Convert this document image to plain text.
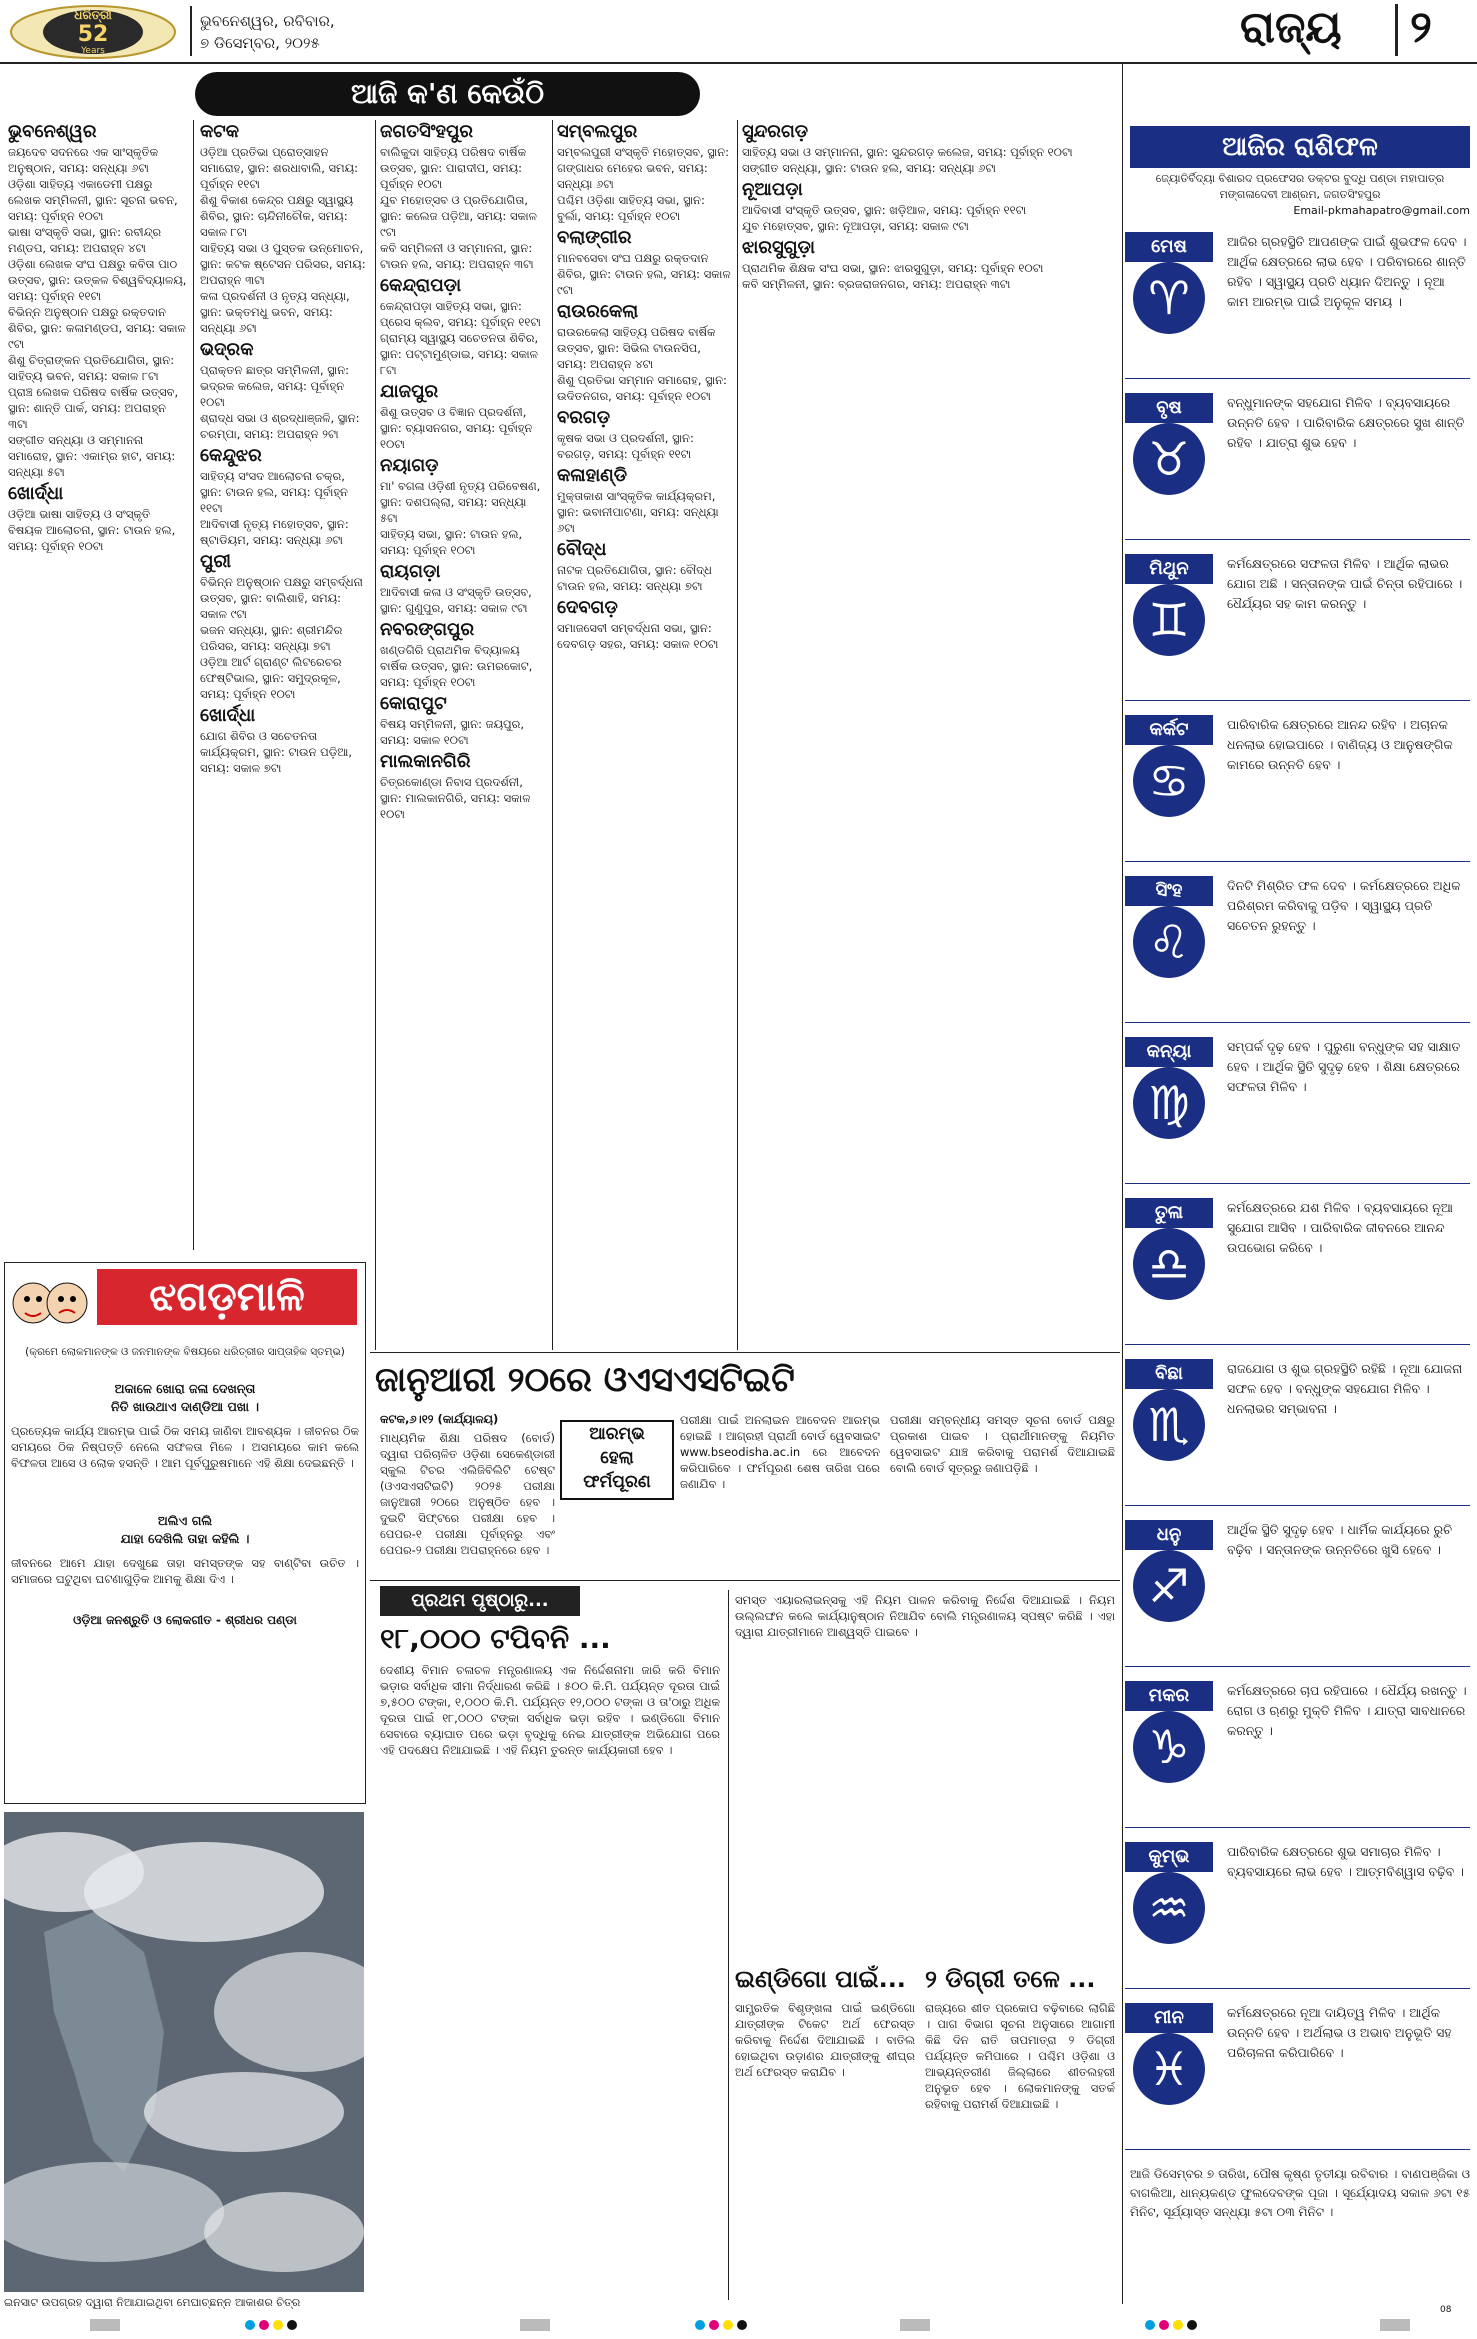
ଧରିତ୍ରୀ
52
Years
ଭୁବନେଶ୍ୱର, ରବିବାର,
୭ ଡିସେମ୍ବର, ୨୦୨୫	ରାଜ୍ୟ ୨
ଆଜି କ'ଣ କେଉଁଠି
ଭୁବନେଶ୍ୱର

ଜୟଦେବ ସଦନରେ ଏକ ସାଂସ୍କୃତିକ ଅନୁଷ୍ଠାନ, ସମୟ: ସନ୍ଧ୍ୟା ୬ଟା

ଓଡ଼ିଶା ସାହିତ୍ୟ ଏକାଡେମୀ ପକ୍ଷରୁ ଲେଖକ ସମ୍ମିଳନୀ, ସ୍ଥାନ: ସୂଚନା ଭବନ, ସମୟ: ପୂର୍ବାହ୍ନ ୧୦ଟା

ଭାଷା ସଂସ୍କୃତି ସଭା, ସ୍ଥାନ: ରବୀନ୍ଦ୍ର ମଣ୍ଡପ, ସମୟ: ଅପରାହ୍ନ ୪ଟା

ଓଡ଼ିଶା ଲେଖକ ସଂଘ ପକ୍ଷରୁ କବିତା ପାଠ ଉତ୍ସବ, ସ୍ଥାନ: ଉତ୍କଳ ବିଶ୍ୱବିଦ୍ୟାଳୟ, ସମୟ: ପୂର୍ବାହ୍ନ ୧୧ଟା

ବିଭିନ୍ନ ଅନୁଷ୍ଠାନ ପକ୍ଷରୁ ରକ୍ତଦାନ ଶିବିର, ସ୍ଥାନ: କଳାମଣ୍ଡପ, ସମୟ: ସକାଳ ୯ଟା

ଶିଶୁ ଚିତ୍ରାଙ୍କନ ପ୍ରତିଯୋଗିତା, ସ୍ଥାନ: ସାହିତ୍ୟ ଭବନ, ସମୟ: ସକାଳ ୮ଟା

ପ୍ରାଞ୍ଚ ଲେଖକ ପରିଷଦ ବାର୍ଷିକ ଉତ୍ସବ, ସ୍ଥାନ: ଶାନ୍ତି ପାର୍କ, ସମୟ: ଅପରାହ୍ନ ୩ଟା

ସଙ୍ଗୀତ ସନ୍ଧ୍ୟା ଓ ସମ୍ମାନନା ସମାରୋହ, ସ୍ଥାନ: ଏକାମ୍ର ହାଟ, ସମୟ: ସନ୍ଧ୍ୟା ୫ଟା

ଖୋର୍ଦ୍ଧା

ଓଡ଼ିଆ ଭାଷା ସାହିତ୍ୟ ଓ ସଂସ୍କୃତି ବିଷୟକ ଆଲୋଚନା, ସ୍ଥାନ: ଟାଉନ ହଲ, ସମୟ: ପୂର୍ବାହ୍ନ ୧୦ଟା

କଟକ

ଓଡ଼ିଆ ପ୍ରତିଭା ପ୍ରୋତ୍ସାହନ ସମାରୋହ, ସ୍ଥାନ: ଶରଧାବାଲି, ସମୟ: ପୂର୍ବାହ୍ନ ୧୧ଟା

ଶିଶୁ ବିକାଶ କେନ୍ଦ୍ର ପକ୍ଷରୁ ସ୍ୱାସ୍ଥ୍ୟ ଶିବିର, ସ୍ଥାନ: ଚାନ୍ଦିନୀଚୌକ, ସମୟ: ସକାଳ ୮ଟା

ସାହିତ୍ୟ ସଭା ଓ ପୁସ୍ତକ ଉନ୍ମୋଚନ, ସ୍ଥାନ: କଟକ ଷ୍ଟେସନ ପରିସର, ସମୟ: ଅପରାହ୍ନ ୩ଟା

କଳା ପ୍ରଦର୍ଶନୀ ଓ ନୃତ୍ୟ ସନ୍ଧ୍ୟା, ସ୍ଥାନ: ଭକ୍ତମଧୁ ଭବନ, ସମୟ: ସନ୍ଧ୍ୟା ୬ଟା

ଭଦ୍ରକ

ପ୍ରାକ୍ତନ ଛାତ୍ର ସମ୍ମିଳନୀ, ସ୍ଥାନ: ଭଦ୍ରକ କଲେଜ, ସମୟ: ପୂର୍ବାହ୍ନ ୧୦ଟା

ଶ୍ରାଦ୍ଧ ସଭା ଓ ଶ୍ରଦ୍ଧାଞ୍ଜଳି, ସ୍ଥାନ: ଚରମ୍ପା, ସମୟ: ଅପରାହ୍ନ ୨ଟା

କେନ୍ଦୁଝର

ସାହିତ୍ୟ ସଂସଦ ଆଲୋଚନା ଚକ୍ର, ସ୍ଥାନ: ଟାଉନ ହଲ, ସମୟ: ପୂର୍ବାହ୍ନ ୧୧ଟା

ଆଦିବାସୀ ନୃତ୍ୟ ମହୋତ୍ସବ, ସ୍ଥାନ: ଷ୍ଟାଡିୟମ, ସମୟ: ସନ୍ଧ୍ୟା ୬ଟା

ପୁରୀ

ବିଭିନ୍ନ ଅନୁଷ୍ଠାନ ପକ୍ଷରୁ ସମ୍ବର୍ଦ୍ଧନା ଉତ୍ସବ, ସ୍ଥାନ: ବାଲିଶାହି, ସମୟ: ସକାଳ ୯ଟା

ଭଜନ ସନ୍ଧ୍ୟା, ସ୍ଥାନ: ଶ୍ରୀମନ୍ଦିର ପରିସର, ସମୟ: ସନ୍ଧ୍ୟା ୭ଟା

ଓଡ଼ିଆ ଆର୍ଟ ଗ୍ରାଣ୍ଟ ଲିଟରେଚର ଫେଷ୍ଟିଭାଲ, ସ୍ଥାନ: ସମୁଦ୍ରକୂଳ, ସମୟ: ପୂର୍ବାହ୍ନ ୧୦ଟା

ଖୋର୍ଦ୍ଧା

ଯୋଗ ଶିବିର ଓ ସଚେତନତା କାର୍ଯ୍ୟକ୍ରମ, ସ୍ଥାନ: ଟାଉନ ପଡ଼ିଆ, ସମୟ: ସକାଳ ୭ଟା

ଜଗତସିଂହପୁର

ବାଲିକୁଦା ସାହିତ୍ୟ ପରିଷଦ ବାର୍ଷିକ ଉତ୍ସବ, ସ୍ଥାନ: ପାରାଦୀପ, ସମୟ: ପୂର୍ବାହ୍ନ ୧୦ଟା

ଯୁବ ମହୋତ୍ସବ ଓ ପ୍ରତିଯୋଗିତା, ସ୍ଥାନ: କଲେଜ ପଡ଼ିଆ, ସମୟ: ସକାଳ ୯ଟା

କବି ସମ୍ମିଳନୀ ଓ ସମ୍ମାନନା, ସ୍ଥାନ: ଟାଉନ ହଲ, ସମୟ: ଅପରାହ୍ନ ୩ଟା

କେନ୍ଦ୍ରାପଡ଼ା

କେନ୍ଦ୍ରାପଡ଼ା ସାହିତ୍ୟ ସଭା, ସ୍ଥାନ: ପ୍ରେସ କ୍ଲବ, ସମୟ: ପୂର୍ବାହ୍ନ ୧୧ଟା

ଗ୍ରାମ୍ୟ ସ୍ୱାସ୍ଥ୍ୟ ସଚେତନତା ଶିବିର, ସ୍ଥାନ: ପଟ୍ଟାମୁଣ୍ଡାଇ, ସମୟ: ସକାଳ ୮ଟା

ଯାଜପୁର

ଶିଶୁ ଉତ୍ସବ ଓ ବିଜ୍ଞାନ ପ୍ରଦର୍ଶନୀ, ସ୍ଥାନ: ବ୍ୟାସନଗର, ସମୟ: ପୂର୍ବାହ୍ନ ୧୦ଟା

ନୟାଗଡ଼

ମା' ବଗଳା ଓଡ଼ିଶୀ ନୃତ୍ୟ ପରିବେଷଣ, ସ୍ଥାନ: ଦଶପଲ୍ଲା, ସମୟ: ସନ୍ଧ୍ୟା ୫ଟା

ସାହିତ୍ୟ ସଭା, ସ୍ଥାନ: ଟାଉନ ହଲ, ସମୟ: ପୂର୍ବାହ୍ନ ୧୦ଟା

ରାୟଗଡ଼ା

ଆଦିବାସୀ କଳା ଓ ସଂସ୍କୃତି ଉତ୍ସବ, ସ୍ଥାନ: ଗୁଣୁପୁର, ସମୟ: ସକାଳ ୯ଟା

ନବରଙ୍ଗପୁର

ଖଣ୍ଡଗିରି ପ୍ରାଥମିକ ବିଦ୍ୟାଳୟ ବାର୍ଷିକ ଉତ୍ସବ, ସ୍ଥାନ: ଉମରକୋଟ, ସମୟ: ପୂର୍ବାହ୍ନ ୧୦ଟା

କୋରାପୁଟ

ବିଷୟ ସମ୍ମିଳନୀ, ସ୍ଥାନ: ଜୟପୁର, ସମୟ: ସକାଳ ୧୦ଟା

ମାଲକାନଗିରି

ଚିତ୍ରକୋଣ୍ଡା ନିବାସ ପ୍ରଦର୍ଶନୀ, ସ୍ଥାନ: ମାଲକାନଗିରି, ସମୟ: ସକାଳ ୧୦ଟା

ସମ୍ବଲପୁର

ସମ୍ବଲପୁରୀ ସଂସ୍କୃତି ମହୋତ୍ସବ, ସ୍ଥାନ: ଗଙ୍ଗାଧର ମେହେର ଭବନ, ସମୟ: ସନ୍ଧ୍ୟା ୬ଟା

ପଶ୍ଚିମ ଓଡ଼ିଶା ସାହିତ୍ୟ ସଭା, ସ୍ଥାନ: ବୁର୍ଲା, ସମୟ: ପୂର୍ବାହ୍ନ ୧୦ଟା

ବଲାଙ୍ଗୀର

ମାନବସେବା ସଂଘ ପକ୍ଷରୁ ରକ୍ତଦାନ ଶିବିର, ସ୍ଥାନ: ଟାଉନ ହଲ, ସମୟ: ସକାଳ ୯ଟା

ରାଉରକେଲା

ରାଉରକେଲା ସାହିତ୍ୟ ପରିଷଦ ବାର୍ଷିକ ଉତ୍ସବ, ସ୍ଥାନ: ସିଭିଲ ଟାଉନସିପ, ସମୟ: ଅପରାହ୍ନ ୪ଟା

ଶିଶୁ ପ୍ରତିଭା ସମ୍ମାନ ସମାରୋହ, ସ୍ଥାନ: ଉଦିତନଗର, ସମୟ: ପୂର୍ବାହ୍ନ ୧୦ଟା

ବରଗଡ଼

କୃଷକ ସଭା ଓ ପ୍ରଦର୍ଶନୀ, ସ୍ଥାନ: ବରଗଡ଼, ସମୟ: ପୂର୍ବାହ୍ନ ୧୧ଟା

କଳାହାଣ୍ଡି

ମୁକ୍ତାକାଶ ସାଂସ୍କୃତିକ କାର୍ଯ୍ୟକ୍ରମ, ସ୍ଥାନ: ଭବାନୀପାଟଣା, ସମୟ: ସନ୍ଧ୍ୟା ୬ଟା

ବୌଦ୍ଧ

ନାଟକ ପ୍ରତିଯୋଗିତା, ସ୍ଥାନ: ବୌଦ୍ଧ ଟାଉନ ହଲ, ସମୟ: ସନ୍ଧ୍ୟା ୭ଟା

ଦେବଗଡ଼

ସମାଜସେବୀ ସମ୍ବର୍ଦ୍ଧନା ସଭା, ସ୍ଥାନ: ଦେବଗଡ଼ ସହର, ସମୟ: ସକାଳ ୧୦ଟା

ସୁନ୍ଦରଗଡ଼

ସାହିତ୍ୟ ସଭା ଓ ସମ୍ମାନନା, ସ୍ଥାନ: ସୁନ୍ଦରଗଡ଼ କଲେଜ, ସମୟ: ପୂର୍ବାହ୍ନ ୧୦ଟା

ସଙ୍ଗୀତ ସନ୍ଧ୍ୟା, ସ୍ଥାନ: ଟାଉନ ହଲ, ସମୟ: ସନ୍ଧ୍ୟା ୬ଟା

ନୂଆପଡ଼ା

ଆଦିବାସୀ ସଂସ୍କୃତି ଉତ୍ସବ, ସ୍ଥାନ: ଖଡ଼ିଆଳ, ସମୟ: ପୂର୍ବାହ୍ନ ୧୧ଟା

ଯୁବ ମହୋତ୍ସବ, ସ୍ଥାନ: ନୂଆପଡ଼ା, ସମୟ: ସକାଳ ୯ଟା

ଝାରସୁଗୁଡ଼ା

ପ୍ରାଥମିକ ଶିକ୍ଷକ ସଂଘ ସଭା, ସ୍ଥାନ: ଝାରସୁଗୁଡ଼ା, ସମୟ: ପୂର୍ବାହ୍ନ ୧୦ଟା

କବି ସମ୍ମିଳନୀ, ସ୍ଥାନ: ବ୍ରଜରାଜନଗର, ସମୟ: ଅପରାହ୍ନ ୩ଟା

ଝଗଡ଼ମାଳି
(କ୍ରମେ ଲୋକମାନଙ୍କ ଓ ଜନମାନଙ୍କ ବିଷୟରେ ଧରିତ୍ରୀର ସାପ୍ତାହିକ ସ୍ତମ୍ଭ)
ଅକାଳେ ଖୋରା ଜଳା ଦେଖନ୍ତା
ନିତି ଖାଉଥାଏ ଦାଣ୍ଡିଆ ପଖା ।
ପ୍ରତ୍ୟେକ କାର୍ଯ୍ୟ ଆରମ୍ଭ ପାଇଁ ଠିକ ସମୟ ଜାଣିବା ଆବଶ୍ୟକ । ଜୀବନର ଠିକ ସମୟରେ ଠିକ ନିଷ୍ପତ୍ତି ନେଲେ ସଫଳତା ମିଳେ । ଅସମୟରେ କାମ କଲେ ବିଫଳତା ଆସେ ଓ ଲୋକ ହସନ୍ତି । ଆମ ପୂର୍ବପୁରୁଷମାନେ ଏହି ଶିକ୍ଷା ଦେଇଛନ୍ତି ।
ଅଲିଏ ଗଲି
ଯାହା ଦେଖିଲି ତାହା କହିଲି ।
ଜୀବନରେ ଆମେ ଯାହା ଦେଖୁଛେ ତାହା ସମସ୍ତଙ୍କ ସହ ବାଣ୍ଟିବା ଉଚିତ । ସମାଜରେ ଘଟୁଥିବା ଘଟଣାଗୁଡ଼ିକ ଆମକୁ ଶିକ୍ଷା ଦିଏ ।
ଓଡ଼ିଆ ଜନଶ୍ରୁତି ଓ ଲୋକଗୀତ - ଶ୍ରୀଧର ପଣ୍ଡା
ଇନସାଟ ଉପଗ୍ରହ ଦ୍ୱାରା ନିଆଯାଇଥିବା ମେଘାଚ୍ଛନ୍ନ ଆକାଶର ଚିତ୍ର
ଜାନୁଆରୀ ୨୦ରେ ଓଏସଏସଟିଇଟି
କଟକ,୬।୧୨ (କାର୍ଯ୍ୟାଳୟ)
ଆରମ୍ଭ
ହେଲା
ଫର୍ମପୂରଣ
ମାଧ୍ୟମିକ ଶିକ୍ଷା ପରିଷଦ (ବୋର୍ଡ) ଦ୍ୱାରା ପରିଚାଳିତ ଓଡ଼ିଶା ସେକେଣ୍ଡାରୀ ସ୍କୁଲ ଟିଚର ଏଲିଜିବିଲିଟି ଟେଷ୍ଟ (ଓଏସଏସଟିଇଟି) ୨୦୨୫ ପରୀକ୍ଷା ଜାନୁଆରୀ ୨୦ରେ ଅନୁଷ୍ଠିତ ହେବ । ଦୁଇଟି ସିଫ୍ଟରେ ପରୀକ୍ଷା ହେବ । ପେପର-୧ ପରୀକ୍ଷା ପୂର୍ବାହ୍ନରୁ ଏବଂ ପେପର-୨ ପରୀକ୍ଷା ଅପରାହ୍ନରେ ହେବ ।
ପରୀକ୍ଷା ପାଇଁ ଅନଲାଇନ ଆବେଦନ ଆରମ୍ଭ ହୋଇଛି । ଆଗ୍ରହୀ ପ୍ରାର୍ଥୀ ବୋର୍ଡ ୱେବସାଇଟ www.bseodisha.ac.in ରେ ଆବେଦନ କରିପାରିବେ । ଫର୍ମପୂରଣ ଶେଷ ତାରିଖ ପରେ ଜଣାଯିବ ।
ପରୀକ୍ଷା ସମ୍ବନ୍ଧୀୟ ସମସ୍ତ ସୂଚନା ବୋର୍ଡ ପକ୍ଷରୁ ପ୍ରକାଶ ପାଇବ । ପ୍ରାର୍ଥୀମାନଙ୍କୁ ନିୟମିତ ୱେବସାଇଟ ଯାଞ୍ଚ କରିବାକୁ ପରାମର୍ଶ ଦିଆଯାଇଛି ବୋଲି ବୋର୍ଡ ସୂତ୍ରରୁ ଜଣାପଡ଼ିଛି ।
ପ୍ରଥମ ପୃଷ୍ଠାରୁ...
୧୮,୦୦୦ ଟପିବନି ...
ଦେଶୀୟ ବିମାନ ଚଳାଚଳ ମନ୍ତ୍ରଣାଳୟ ଏକ ନିର୍ଦ୍ଦେଶନାମା ଜାରି କରି ବିମାନ ଭଡ଼ାର ସର୍ବାଧିକ ସୀମା ନିର୍ଦ୍ଧାରଣ କରିଛି । ୫୦୦ କି.ମି. ପର୍ଯ୍ୟନ୍ତ ଦୂରତା ପାଇଁ ୭,୫୦୦ ଟଙ୍କା, ୧,୦୦୦ କି.ମି. ପର୍ଯ୍ୟନ୍ତ ୧୨,୦୦୦ ଟଙ୍କା ଓ ତା'ଠାରୁ ଅଧିକ ଦୂରତା ପାଇଁ ୧୮,୦୦୦ ଟଙ୍କା ସର୍ବାଧିକ ଭଡ଼ା ରହିବ । ଇଣ୍ଡିଗୋ ବିମାନ ସେବାରେ ବ୍ୟାଘାତ ପରେ ଭଡ଼ା ବୃଦ୍ଧିକୁ ନେଇ ଯାତ୍ରୀଙ୍କ ଅଭିଯୋଗ ପରେ ଏହି ପଦକ୍ଷେପ ନିଆଯାଇଛି । ଏହି ନିୟମ ତୁରନ୍ତ କାର୍ଯ୍ୟକାରୀ ହେବ ।
ସମସ୍ତ ଏୟାରଲାଇନ୍ସକୁ ଏହି ନିୟମ ପାଳନ କରିବାକୁ ନିର୍ଦ୍ଦେଶ ଦିଆଯାଇଛି । ନିୟମ ଉଲ୍ଲଙ୍ଘନ କଲେ କାର୍ଯ୍ୟାନୁଷ୍ଠାନ ନିଆଯିବ ବୋଲି ମନ୍ତ୍ରଣାଳୟ ସ୍ପଷ୍ଟ କରିଛି । ଏହା ଦ୍ୱାରା ଯାତ୍ରୀମାନେ ଆଶ୍ୱସ୍ତି ପାଇବେ ।
ଇଣ୍ଡିଗୋ ପାଇଁ...
ସାମ୍ପ୍ରତିକ ବିଶୃଙ୍ଖଳା ପାଇଁ ଇଣ୍ଡିଗୋ ଯାତ୍ରୀଙ୍କ ଟିକେଟ ଅର୍ଥ ଫେରସ୍ତ କରିବାକୁ ନିର୍ଦ୍ଦେଶ ଦିଆଯାଇଛି । ବାତିଲ ହୋଇଥିବା ଉଡ଼ାଣର ଯାତ୍ରୀଙ୍କୁ ଶୀଘ୍ର ଅର୍ଥ ଫେରସ୍ତ କରାଯିବ ।
୨ ଡିଗ୍ରୀ ତଳେ ...
ରାଜ୍ୟରେ ଶୀତ ପ୍ରକୋପ ବଢ଼ିବାରେ ଲାଗିଛି । ପାଗ ବିଭାଗ ସୂଚନା ଅନୁସାରେ ଆଗାମୀ କିଛି ଦିନ ରାତି ତାପମାତ୍ରା ୨ ଡିଗ୍ରୀ ପର୍ଯ୍ୟନ୍ତ କମିପାରେ । ପଶ୍ଚିମ ଓଡ଼ିଶା ଓ ଆଭ୍ୟନ୍ତରୀଣ ଜିଲ୍ଲାରେ ଶୀତଲହରୀ ଅନୁଭୂତ ହେବ । ଲୋକମାନଙ୍କୁ ସତର୍କ ରହିବାକୁ ପରାମର୍ଶ ଦିଆଯାଇଛି ।
ଆଜିର ରାଶିଫଳ
ଜ୍ୟୋତିର୍ବିଦ୍ୟା ବିଶାରଦ ପ୍ରଫେସର ଡକ୍ଟର ବୁଦ୍ଧି ପଣ୍ଡା ମହାପାତ୍ର
ମଙ୍ଗଳାଦେବୀ ଆଶ୍ରମ, ଜଗତସିଂହପୁର
Email-pkmahapatro@gmail.com
ମେଷ
♈
ଆଜିର ଗ୍ରହସ୍ଥିତି ଆପଣଙ୍କ ପାଇଁ ଶୁଭଫଳ ଦେବ । ଆର୍ଥିକ କ୍ଷେତ୍ରରେ ଲାଭ ହେବ । ପରିବାରରେ ଶାନ୍ତି ରହିବ । ସ୍ୱାସ୍ଥ୍ୟ ପ୍ରତି ଧ୍ୟାନ ଦିଅନ୍ତୁ । ନୂଆ କାମ ଆରମ୍ଭ ପାଇଁ ଅନୁକୂଳ ସମୟ ।
ବୃଷ
♉
ବନ୍ଧୁମାନଙ୍କ ସହଯୋଗ ମିଳିବ । ବ୍ୟବସାୟରେ ଉନ୍ନତି ହେବ । ପାରିବାରିକ କ୍ଷେତ୍ରରେ ସୁଖ ଶାନ୍ତି ରହିବ । ଯାତ୍ରା ଶୁଭ ହେବ ।
ମିଥୁନ
♊
କର୍ମକ୍ଷେତ୍ରରେ ସଫଳତା ମିଳିବ । ଆର୍ଥିକ ଲାଭର ଯୋଗ ଅଛି । ସନ୍ତାନଙ୍କ ପାଇଁ ଚିନ୍ତା ରହିପାରେ । ଧୈର୍ଯ୍ୟର ସହ କାମ କରନ୍ତୁ ।
କର୍କଟ
♋
ପାରିବାରିକ କ୍ଷେତ୍ରରେ ଆନନ୍ଦ ରହିବ । ଅଚାନକ ଧନଲାଭ ହୋଇପାରେ । ବାଣିଜ୍ୟ ଓ ଆନୁଷଙ୍ଗିକ କାମରେ ଉନ୍ନତି ହେବ ।
ସିଂହ
♌
ଦିନଟି ମିଶ୍ରିତ ଫଳ ଦେବ । କର୍ମକ୍ଷେତ୍ରରେ ଅଧିକ ପରିଶ୍ରମ କରିବାକୁ ପଡ଼ିବ । ସ୍ୱାସ୍ଥ୍ୟ ପ୍ରତି ସଚେତନ ରୁହନ୍ତୁ ।
କନ୍ୟା
♍
ସମ୍ପର୍କ ଦୃଢ଼ ହେବ । ପୁରୁଣା ବନ୍ଧୁଙ୍କ ସହ ସାକ୍ଷାତ ହେବ । ଆର୍ଥିକ ସ୍ଥିତି ସୁଦୃଢ଼ ହେବ । ଶିକ୍ଷା କ୍ଷେତ୍ରରେ ସଫଳତା ମିଳିବ ।
ତୁଳା
♎
କର୍ମକ୍ଷେତ୍ରରେ ଯଶ ମିଳିବ । ବ୍ୟବସାୟରେ ନୂଆ ସୁଯୋଗ ଆସିବ । ପାରିବାରିକ ଜୀବନରେ ଆନନ୍ଦ ଉପଭୋଗ କରିବେ ।
ବିଛା
♏
ରାଜଯୋଗ ଓ ଶୁଭ ଗ୍ରହସ୍ଥିତି ରହିଛି । ନୂଆ ଯୋଜନା ସଫଳ ହେବ । ବନ୍ଧୁଙ୍କ ସହଯୋଗ ମିଳିବ । ଧନଲାଭର ସମ୍ଭାବନା ।
ଧନୁ
♐
ଆର୍ଥିକ ସ୍ଥିତି ସୁଦୃଢ଼ ହେବ । ଧାର୍ମିକ କାର୍ଯ୍ୟରେ ରୁଚି ବଢ଼ିବ । ସନ୍ତାନଙ୍କ ଉନ୍ନତିରେ ଖୁସି ହେବେ ।
ମକର
♑
କର୍ମକ୍ଷେତ୍ରରେ ଚାପ ରହିପାରେ । ଧୈର୍ଯ୍ୟ ରଖନ୍ତୁ । ରୋଗ ଓ ଋଣରୁ ମୁକ୍ତି ମିଳିବ । ଯାତ୍ରା ସାବଧାନରେ କରନ୍ତୁ ।
କୁମ୍ଭ
♒
ପାରିବାରିକ କ୍ଷେତ୍ରରେ ଶୁଭ ସମାଚାର ମିଳିବ । ବ୍ୟବସାୟରେ ଲାଭ ହେବ । ଆତ୍ମବିଶ୍ୱାସ ବଢ଼ିବ ।
ମୀନ
♓
କର୍ମକ୍ଷେତ୍ରରେ ନୂଆ ଦାୟିତ୍ୱ ମିଳିବ । ଆର୍ଥିକ ଉନ୍ନତି ହେବ । ଅର୍ଥଲାଭ ଓ ଅଭାବ ଅନୁଭୂତି ସହ ପରିଚାଳନା କରିପାରିବେ ।
ଆଜି ଡିସେମ୍ବର ୭ ତାରିଖ, ପୌଷ କୃଷ୍ଣ ତୃତୀୟା ରବିବାର । ବାଣପଞ୍ଜିକା ଓ ବାଗଲିଆ, ଧାନ୍ୟକଣ୍ଡ ଫୁଲଦେବଙ୍କ ପୂଜା । ସୂର୍ଯ୍ୟୋଦୟ ସକାଳ ୬ଟା ୧୫ ମିନିଟ, ସୂର୍ଯ୍ୟାସ୍ତ ସନ୍ଧ୍ୟା ୫ଟା ୦୩ ମିନିଟ ।
08
